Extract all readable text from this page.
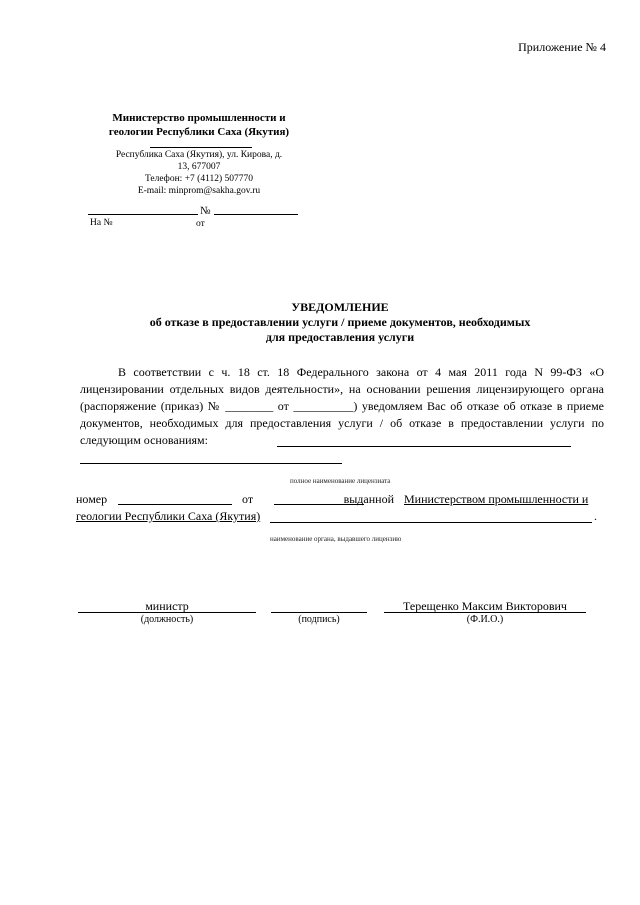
Приложение № 4
Министерство промышленности и
геологии Республики Саха (Якутия)
Республика Саха (Якутия), ул. Кирова, д.
13, 677007
Телефон: +7 (4112) 507770
E-mail: minprom@sakha.gov.ru
№
На №	от
УВЕДОМЛЕНИЕ
об отказе в предоставлении услуги / приеме документов, необходимых
для предоставления услуги
В соответствии с ч. 18 ст. 18 Федерального закона от 4 мая 2011 года N 99-ФЗ «О лицензировании отдельных видов деятельности», на основании решения лицензирующего органа (распоряжение (приказ) № ________ от __________) уведомляем Вас об отказе об отказе в приеме документов, необходимых для предоставления услуги / об отказе в предоставлении услуги по следующим основаниям:
полное наименование лицензиата
номер	от	выданной Министерством промышленности и
геологии Республики Саха (Якутия)	.
наименование органа, выдавшего лицензию
министр
(должность)	(подпись)
Терещенко Максим Викторович
(Ф.И.О.)
